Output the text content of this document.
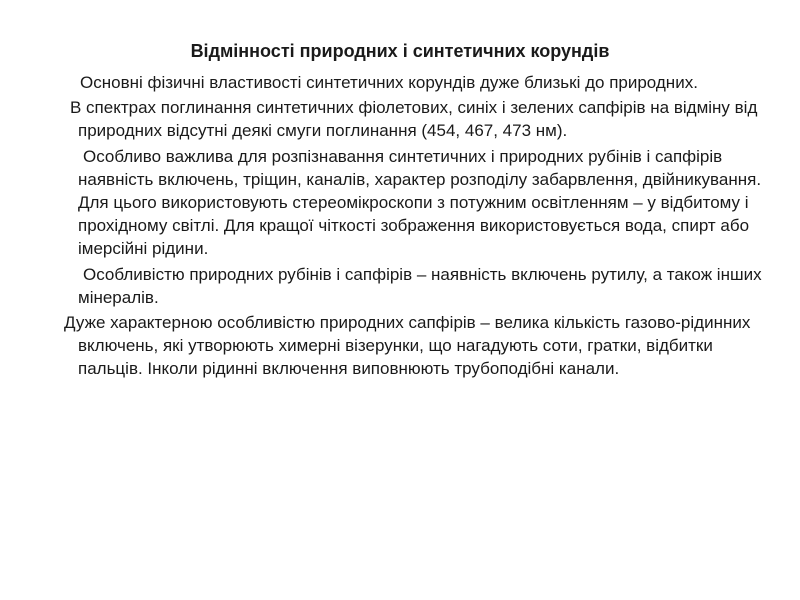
Відмінності природних і синтетичних корундів

Основні фізичні властивості синтетичних корундів дуже близькі до природних.

В спектрах поглинання синтетичних фіолетових, синіх і зелених сапфірів на відміну від природних відсутні деякі смуги поглинання (454, 467, 473 нм).

Особливо важлива для розпізнавання синтетичних і природних рубінів і сапфірів наявність включень, тріщин, каналів, характер розподілу забарвлення, двійникування. Для цього використовують стереомікроскопи з потужним освітленням – у відбитому і прохідному світлі. Для кращої чіткості зображення використовується вода, спирт або імерсійні рідини.

Особливістю природних рубінів і сапфірів – наявність включень рутилу, а також інших мінералів.

Дуже характерною особливістю природних сапфірів – велика кількість газово-рідинних включень, які утворюють химерні візерунки, що нагадують соти, гратки, відбитки пальців. Інколи рідинні включення виповнюють трубоподібні канали.
